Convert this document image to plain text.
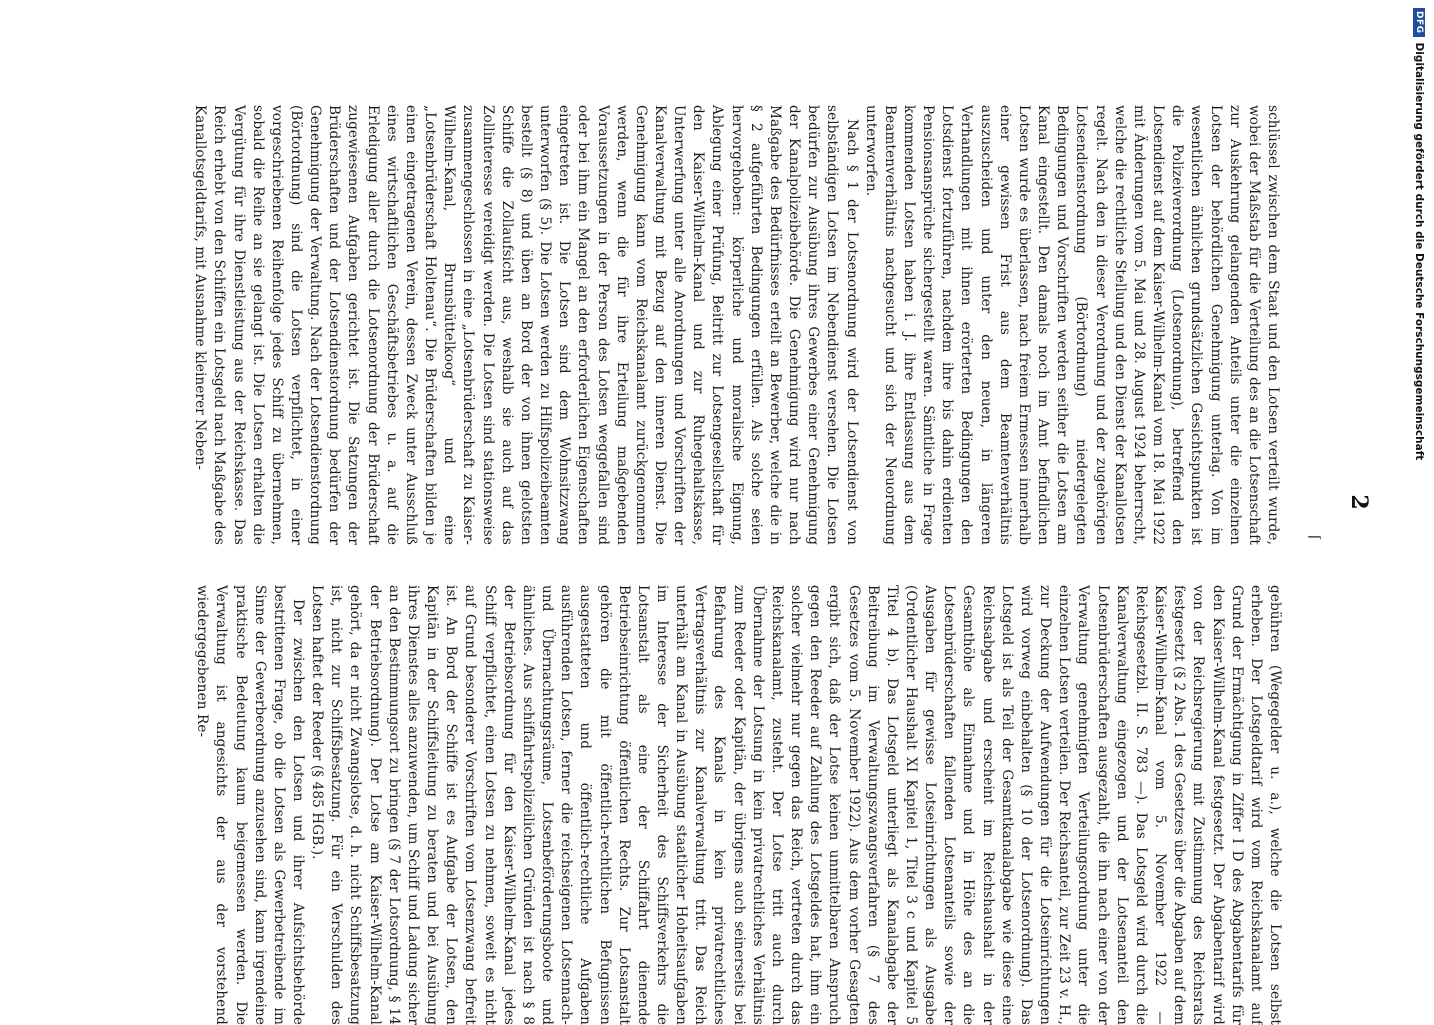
2
⌈

schlüssel zwischen dem Staat und den Lotsen verteilt wurde, wobei der Maßstab für die Verteilung des an die Lotsenschaft zur Auskehrung gelangenden Anteils unter die einzelnen Lotsen der behördlichen Genehmigung unterlag. Von im wesentlichen ähnlichen grundsätzlichen Gesichtspunkten ist die Polizeiverordnung (Lotsenordnung), betreffend den Lotsendienst auf dem Kaiser-Wilhelm-Kanal vom 18. Mai 1922 mit Änderungen vom 5. Mai und 28. August 1924 beherrscht, welche die rechtliche Stellung und den Dienst der Kanallotsen regelt. Nach den in dieser Verordnung und der zugehörigen Lotsendienstordnung (Börtordnung) niedergelegten Bedingungen und Vorschriften werden seither die Lotsen am Kanal eingestellt. Den damals noch im Amt befindlichen Lotsen wurde es überlassen, nach freiem Ermessen innerhalb einer gewissen Frist aus dem Beamtenverhältnis auszuscheiden und unter den neuen, in längeren Verhandlungen mit ihnen erörterten Bedingungen den Lotsdienst fortzuführen, nachdem ihre bis dahin erdienten Pensionsansprüche sichergestellt waren. Sämtliche in Frage kommenden Lotsen haben i. J. ihre Entlassung aus dem Beamtenverhältnis nachgesucht und sich der Neuordnung unterworfen.

Nach § 1 der Lotsenordnung wird der Lotsendienst von selbständigen Lotsen im Nebendienst versehen. Die Lotsen bedürfen zur Ausübung ihres Gewerbes einer Genehmigung der Kanalpolizeibehörde. Die Genehmigung wird nur nach Maßgabe des Bedürfnisses erteilt an Bewerber, welche die in § 2 aufgeführten Bedingungen erfüllen. Als solche seien hervorgehoben: körperliche und moralische Eignung, Ablegung einer Prüfung, Beitritt zur Lotsengesellschaft für den Kaiser-Wilhelm-Kanal und zur Ruhegehaltskasse, Unterwerfung unter alle Anordnungen und Vorschriften der Kanalverwaltung mit Bezug auf den inneren Dienst. Die Genehmigung kann vom Reichskanalamt zurückgenommen werden, wenn die für ihre Erteilung maßgebenden Voraussetzungen in der Person des Lotsen weggefallen sind oder bei ihm ein Mangel an den erforderlichen Eigenschaften eingetreten ist. Die Lotsen sind dem Wohnsitzzwang unterworfen (§ 5). Die Lotsen werden zu Hilfspolizeibeamten bestellt (§ 8) und üben an Bord der von ihnen gelotsten Schiffe die Zollaufsicht aus, weshalb sie auch auf das Zollinteresse vereidigt werden. Die Lotsen sind stationsweise zusammengeschlossen in eine „Lotsenbrüderschaft zu Kaiser-Wilhelm-Kanal, Brunsbüttelkoog“ und eine „Lotsenbrüderschaft Holtenau“. Die Brüderschaften bilden je einen eingetragenen Verein, dessen Zweck unter Ausschluß eines wirtschaftlichen Geschäftsbetriebes u. a. auf die Erledigung aller durch die Lotsenordnung der Brüderschaft zugewiesenen Aufgaben gerichtet ist. Die Satzungen der Brüderschaften und der Lotsendienstordnung bedürfen der Genehmigung der Verwaltung. Nach der Lotsendienstordnung (Börtordnung) sind die Lotsen verpflichtet, in einer vorgeschriebenen Reihenfolge jedes Schiff zu übernehmen, sobald die Reihe an sie gelangt ist. Die Lotsen erhalten die Vergütung für ihre Dienstleistung aus der Reichskasse. Das Reich erhebt von den Schiffen ein Lotsgeld nach Maßgabe des Kanallotsgeldtarifs, mit Ausnahme kleinerer Neben-

gebühren (Wegegelder u. a.), welche die Lotsen selbst erheben. Der Lotsgeldtarif wird vom Reichskanalamt auf Grund der Ermächtigung in Ziffer I D des Abgabentarifs für den Kaiser-Wilhelm-Kanal festgesetzt. Der Abgabentarif wird von der Reichsregierung mit Zustimmung des Reichsrats festgesetzt (§ 2 Abs. 1 des Gesetzes über die Abgaben auf dem Kaiser-Wilhelm-Kanal vom 5. November 1922 — Reichsgesetzbl. II. S. 783 —). Das Lotsgeld wird durch die Kanalverwaltung eingezogen und der Lotsenanteil den Lotsenbrüderschaften ausgezahlt, die ihn nach einer von der Verwaltung genehmigten Verteilungsordnung unter die einzelnen Lotsen verteilen. Der Reichsanteil, zur Zeit 23 v. H., zur Deckung der Aufwendungen für die Lotseinrichtungen wird vorweg einbehalten (§ 10 der Lotsenordnung). Das Lotsgeld ist als Teil der Gesamtkanalabgabe wie diese eine Reichsabgabe und erscheint im Reichshaushalt in der Gesamthöhe als Einnahme und in Höhe des an die Lotsenbrüderschaften fallenden Lotsenanteils sowie der Ausgaben für gewisse Lotseinrichtungen als Ausgabe (Ordentlicher Haushalt XI Kapitel 1, Titel 3 c und Kapitel 5 Titel 4 b). Das Lotsgeld unterliegt als Kanalabgabe der Beitreibung im Verwaltungszwangsverfahren (§ 7 des Gesetzes vom 5. November 1922). Aus dem vorher Gesagten ergibt sich, daß der Lotse keinen unmittelbaren Anspruch gegen den Reeder auf Zahlung des Lotsgeldes hat, ihm ein solcher vielmehr nur gegen das Reich, vertreten durch das Reichskanalamt, zusteht. Der Lotse tritt auch durch Übernahme der Lotsung in kein privatrechtliches Verhältnis zum Reeder oder Kapitän, der übrigens auch seinerseits bei Befahrung des Kanals in kein privatrechtliches Vertragsverhältnis zur Kanalverwaltung tritt. Das Reich unterhält am Kanal in Ausübung staatlicher Hoheitsaufgaben im Interesse der Sicherheit des Schiffsverkehrs die Lotsanstalt als eine der Schiffahrt dienende Betriebseinrichtung öffentlichen Rechts. Zur Lotsanstalt gehören die mit öffentlich-rechtlichen Befugnissen ausgestatteten und öffentlich-rechtliche Aufgaben ausführenden Lotsen, ferner die reichseigenen Lotsennach- und Übernachtungsräume, Lotsenbeförderungsboote und ähnliches. Aus schiffahrtspolizeilichen Gründen ist nach § 8 der Betriebsordnung für den Kaiser-Wilhelm-Kanal jedes Schiff verpflichtet, einen Lotsen zu nehmen, soweit es nicht auf Grund besonderer Vorschriften vom Lotsenzwang befreit ist. An Bord der Schiffe ist es Aufgabe der Lotsen, den Kapitän in der Schiffsleitung zu beraten und bei Ausübung ihres Dienstes alles anzuwenden, um Schiff und Ladung sicher an den Bestimmungsort zu bringen (§ 7 der Lotsordnung, § 14 der Betriebsordnung). Der Lotse am Kaiser-Wilhelm-Kanal gehört, da er nicht Zwangslotse, d. h. nicht Schiffsbesatzung ist, nicht zur Schiffsbesatzung. Für ein Verschulden des Lotsen haftet der Reeder (§ 485 HGB.).

Der zwischen den Lotsen und ihrer Aufsichtsbehörde bestrittenen Frage, ob die Lotsen als Gewerbetreibende im Sinne der Gewerbeordnung anzusehen sind, kann irgendeine praktische Bedeutung kaum beigemessen werden. Die Verwaltung ist angesichts der aus der vorstehend wiedergegebenen Re-

DFG
Digitalisierung gefördert durch die Deutsche Forschungsgemeinschaft
